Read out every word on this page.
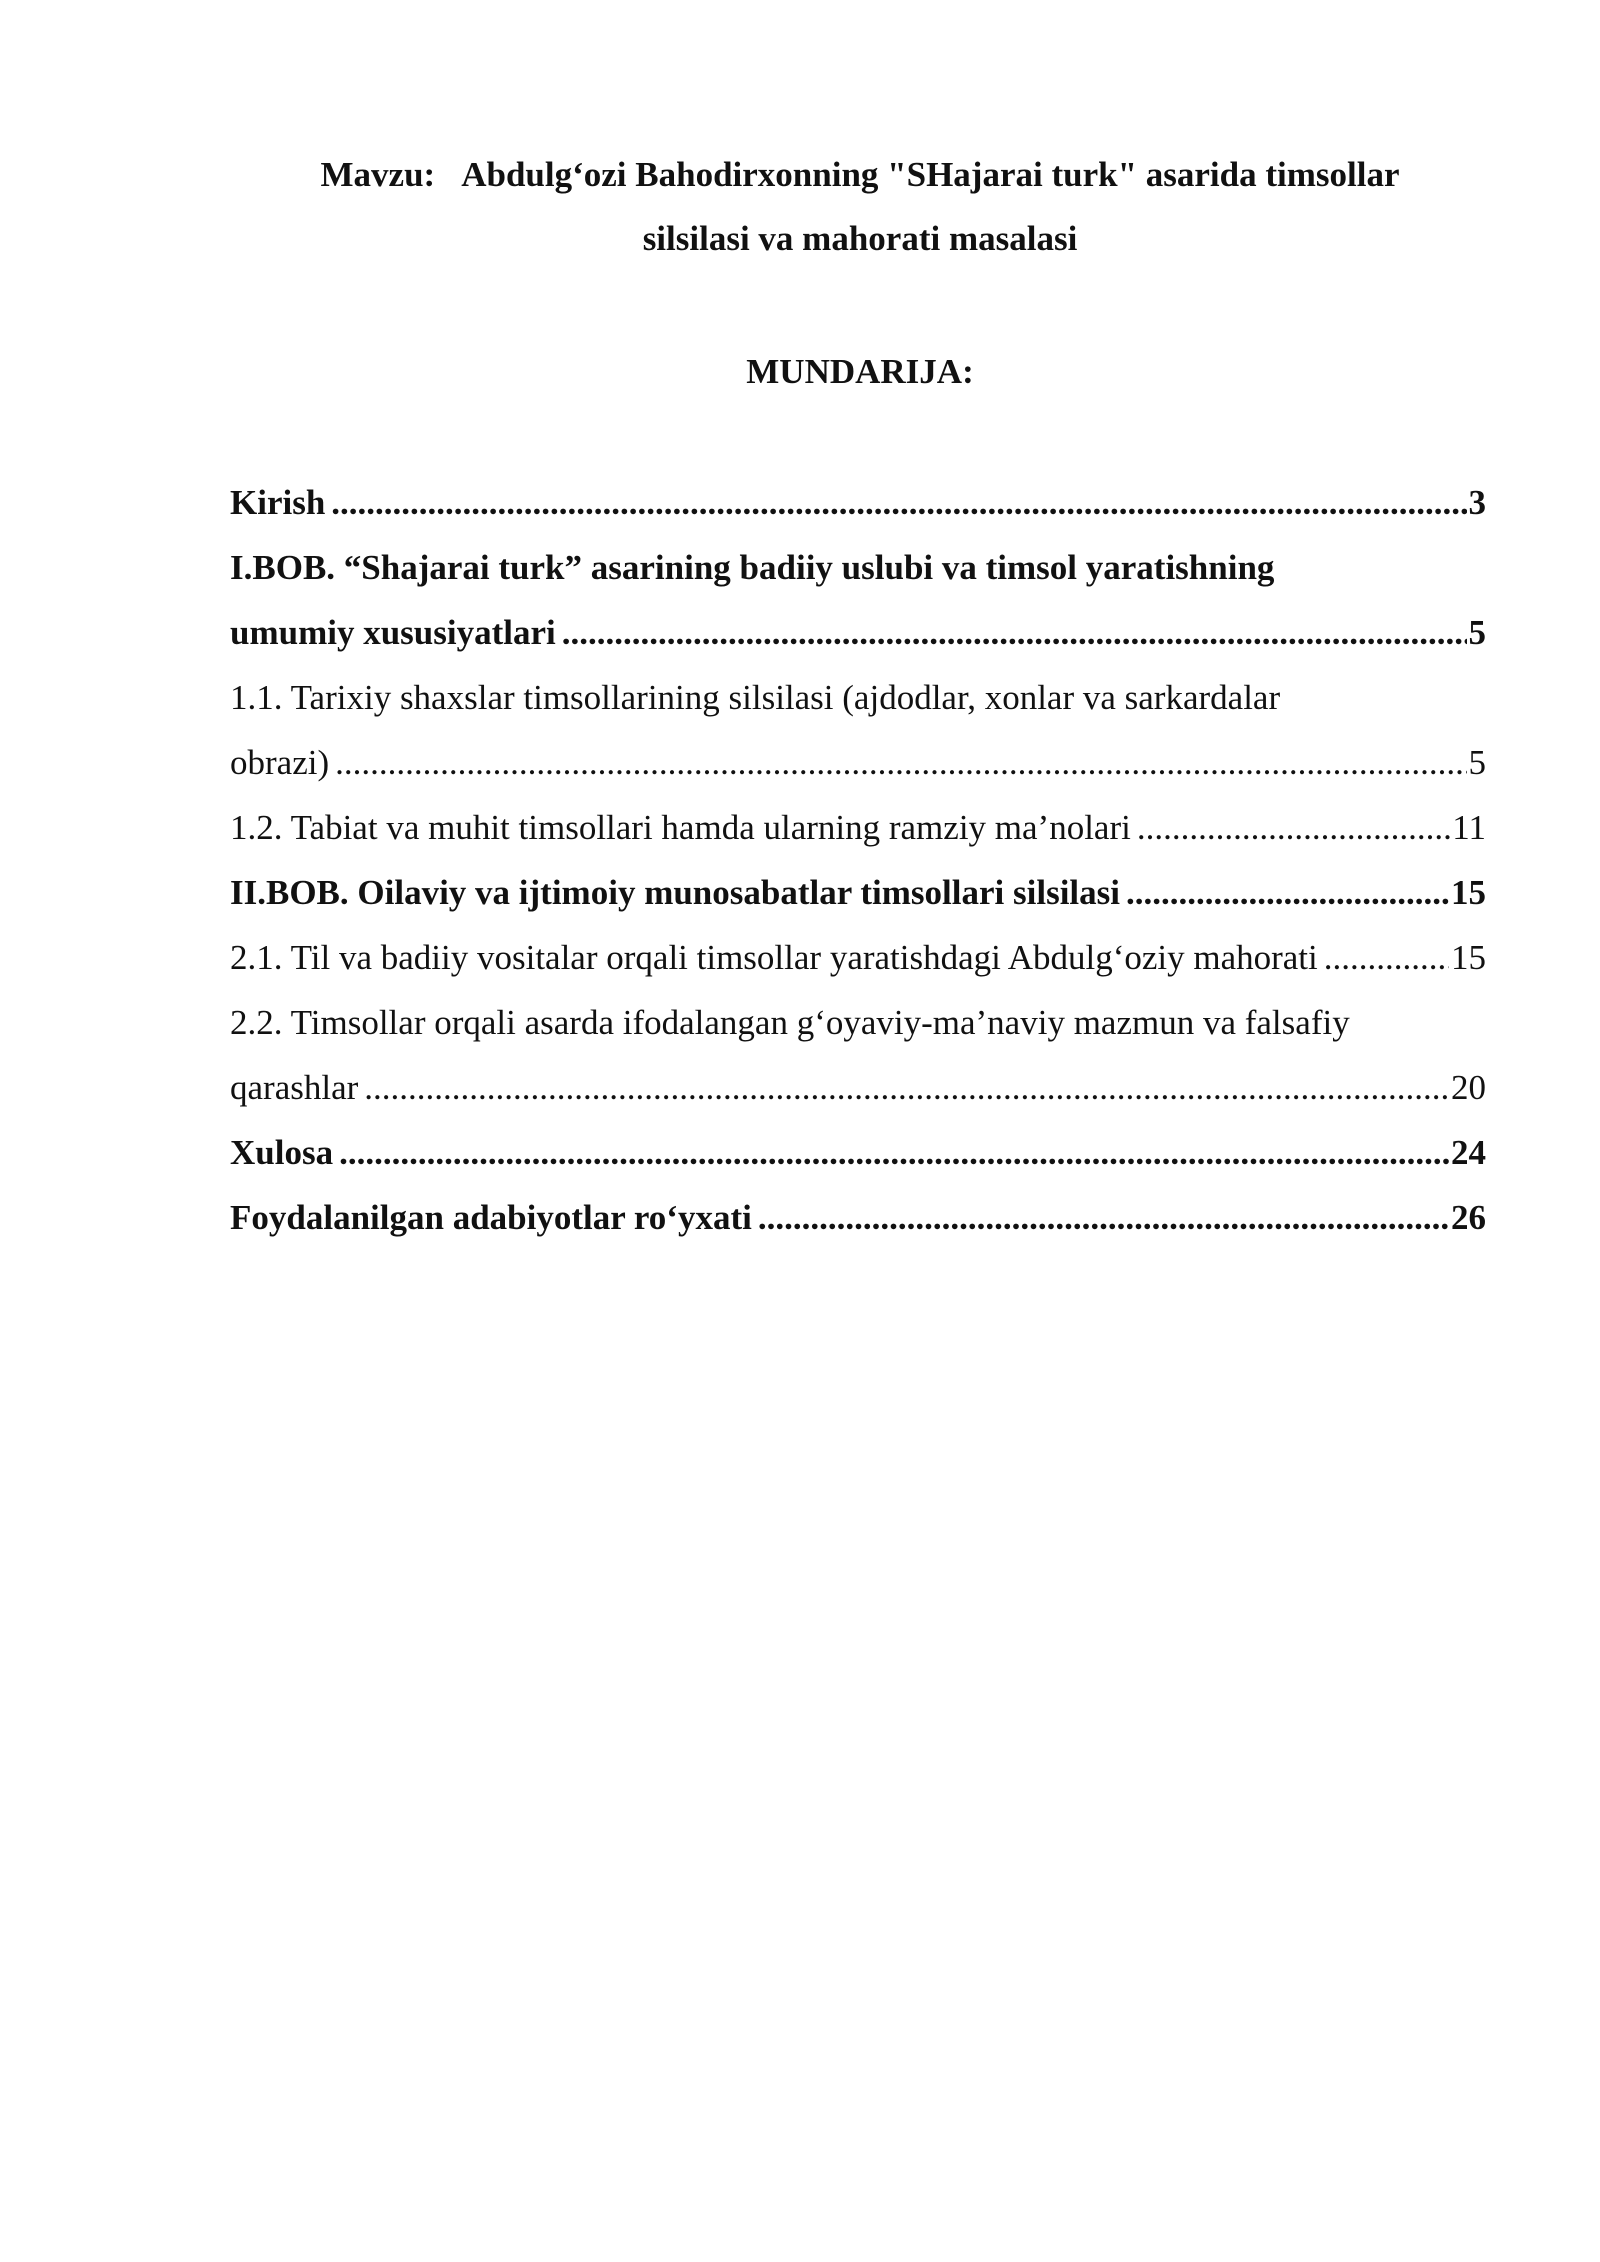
Mavzu: Abdulg‘ozi Bahodirxonning "SHajarai turk" asarida timsollar
silsilasi va mahorati masalasi
MUNDARIJA:
Kirish .....	3
I.BOB. “Shajarai turk” asarining badiiy uslubi va timsol yaratishning
umumiy xususiyatlari .....	5
1.1. Tarixiy shaxslar timsollarining silsilasi (ajdodlar, xonlar va sarkardalar
obrazi) .....	5
1.2. Tabiat va muhit timsollari hamda ularning ramziy ma’nolari .....	11
II.BOB. Oilaviy va ijtimoiy munosabatlar timsollari silsilasi .....	15
2.1. Til va badiiy vositalar orqali timsollar yaratishdagi Abdulg‘oziy mahorati .....	15
2.2. Timsollar orqali asarda ifodalangan g‘oyaviy-ma’naviy mazmun va falsafiy
qarashlar .....	20
Xulosa .....	24
Foydalanilgan adabiyotlar ro‘yxati .....	26
